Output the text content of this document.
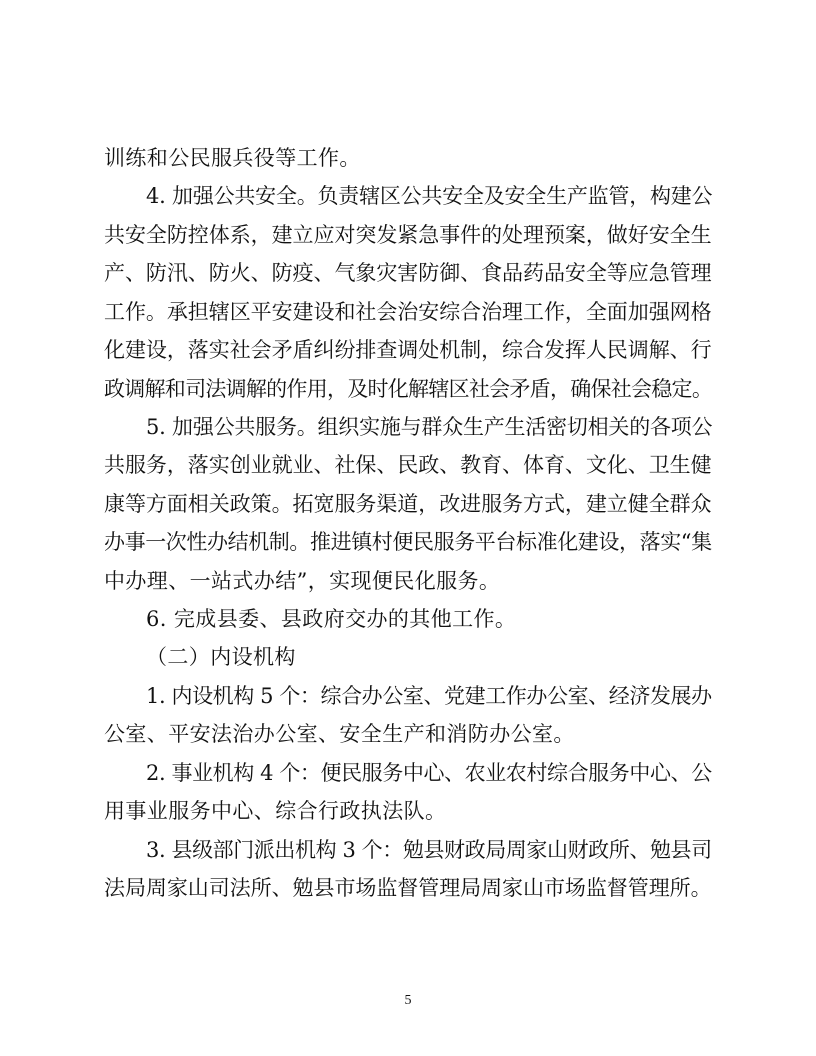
训练和公民服兵役等工作。
4. 加强公共安全。负责辖区公共安全及安全生产监管，构建公
共安全防控体系，建立应对突发紧急事件的处理预案，做好安全生
产、防汛、防火、防疫、气象灾害防御、食品药品安全等应急管理
工作。承担辖区平安建设和社会治安综合治理工作，全面加强网格
化建设，落实社会矛盾纠纷排查调处机制，综合发挥人民调解、行
政调解和司法调解的作用，及时化解辖区社会矛盾，确保社会稳定。
5. 加强公共服务。组织实施与群众生产生活密切相关的各项公
共服务，落实创业就业、社保、民政、教育、体育、文化、卫生健
康等方面相关政策。拓宽服务渠道，改进服务方式，建立健全群众
办事一次性办结机制。推进镇村便民服务平台标准化建设，落实“集
中办理、一站式办结”，实现便民化服务。
6. 完成县委、县政府交办的其他工作。
（二）内设机构
1. 内设机构 5 个：综合办公室、党建工作办公室、经济发展办
公室、平安法治办公室、安全生产和消防办公室。
2. 事业机构 4 个：便民服务中心、农业农村综合服务中心、公
用事业服务中心、综合行政执法队。
3. 县级部门派出机构 3 个：勉县财政局周家山财政所、勉县司
法局周家山司法所、勉县市场监督管理局周家山市场监督管理所。
5
